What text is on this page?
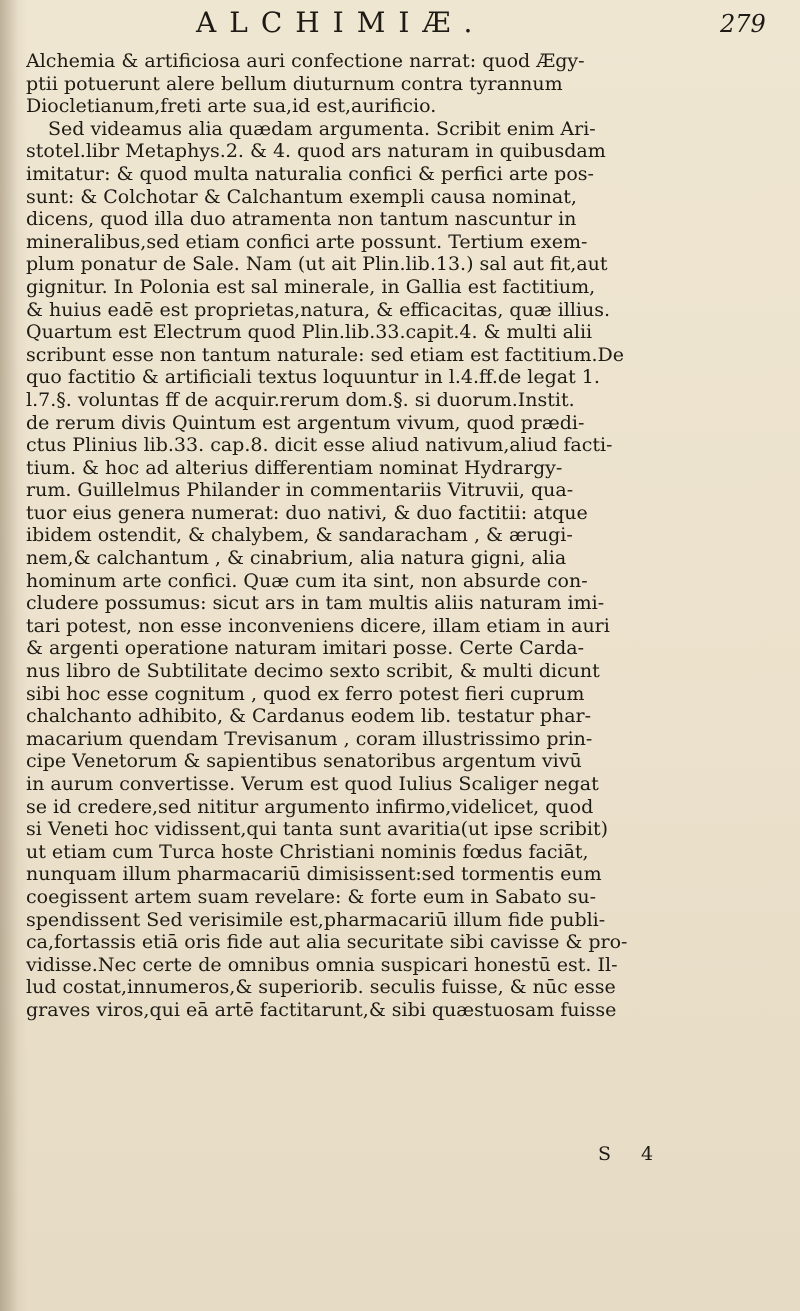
ALCHIMIÆ.	279
Alchemia & artificiosa auri confectione narrat: quod Ægy-
ptii potuerunt alere bellum diuturnum contra tyrannum
Diocletianum,freti arte sua,id est,aurificio.
Sed videamus alia quædam argumenta. Scribit enim Ari-
stotel.libr Metaphys.2. & 4. quod ars naturam in quibusdam
imitatur: & quod multa naturalia confici & perfici arte pos-
sunt: & Colchotar & Calchantum exempli causa nominat,
dicens, quod illa duo atramenta non tantum nascuntur in
mineralibus,sed etiam confici arte possunt. Tertium exem-
plum ponatur de Sale. Nam (ut ait Plin.lib.13.) sal aut fit,aut
gignitur. In Polonia est sal minerale, in Gallia est factitium,
& huius eadē est proprietas,natura, & efficacitas, quæ illius.
Quartum est Electrum quod Plin.lib.33.capit.4. & multi alii
scribunt esse non tantum naturale: sed etiam est factitium.De
quo factitio & artificiali textus loquuntur in l.4.ff.de legat 1.
l.7.§. voluntas ff de acquir.rerum dom.§. si duorum.Instit.
de rerum divis Quintum est argentum vivum, quod prædi-
ctus Plinius lib.33. cap.8. dicit esse aliud nativum,aliud facti-
tium. & hoc ad alterius differentiam nominat Hydrargy-
rum. Guillelmus Philander in commentariis Vitruvii, qua-
tuor eius genera numerat: duo nativi, & duo factitii: atque
ibidem ostendit, & chalybem, & sandaracham , & ærugi-
nem,& calchantum , & cinabrium, alia natura gigni, alia
hominum arte confici. Quæ cum ita sint, non absurde con-
cludere possumus: sicut ars in tam multis aliis naturam imi-
tari potest, non esse inconveniens dicere, illam etiam in auri
& argenti operatione naturam imitari posse. Certe Carda-
nus libro de Subtilitate decimo sexto scribit, & multi dicunt
sibi hoc esse cognitum , quod ex ferro potest fieri cuprum
chalchanto adhibito, & Cardanus eodem lib. testatur phar-
macarium quendam Trevisanum , coram illustrissimo prin-
cipe Venetorum & sapientibus senatoribus argentum vivū
in aurum convertisse. Verum est quod Iulius Scaliger negat
se id credere,sed nititur argumento infirmo,videlicet, quod
si Veneti hoc vidissent,qui tanta sunt avaritia(ut ipse scribit)
ut etiam cum Turca hoste Christiani nominis fœdus faciāt,
nunquam illum pharmacariū dimisissent:sed tormentis eum
coegissent artem suam revelare: & forte eum in Sabato su-
spendissent Sed verisimile est,pharmacariū illum fide publi-
ca,fortassis etiā oris fide aut alia securitate sibi cavisse & pro-
vidisse.Nec certe de omnibus omnia suspicari honestū est. Il-
lud costat,innumeros,& superiorib. seculis fuisse, & nūc esse
graves viros,qui eā artē factitarunt,& sibi quæstuosam fuisse
S 4
